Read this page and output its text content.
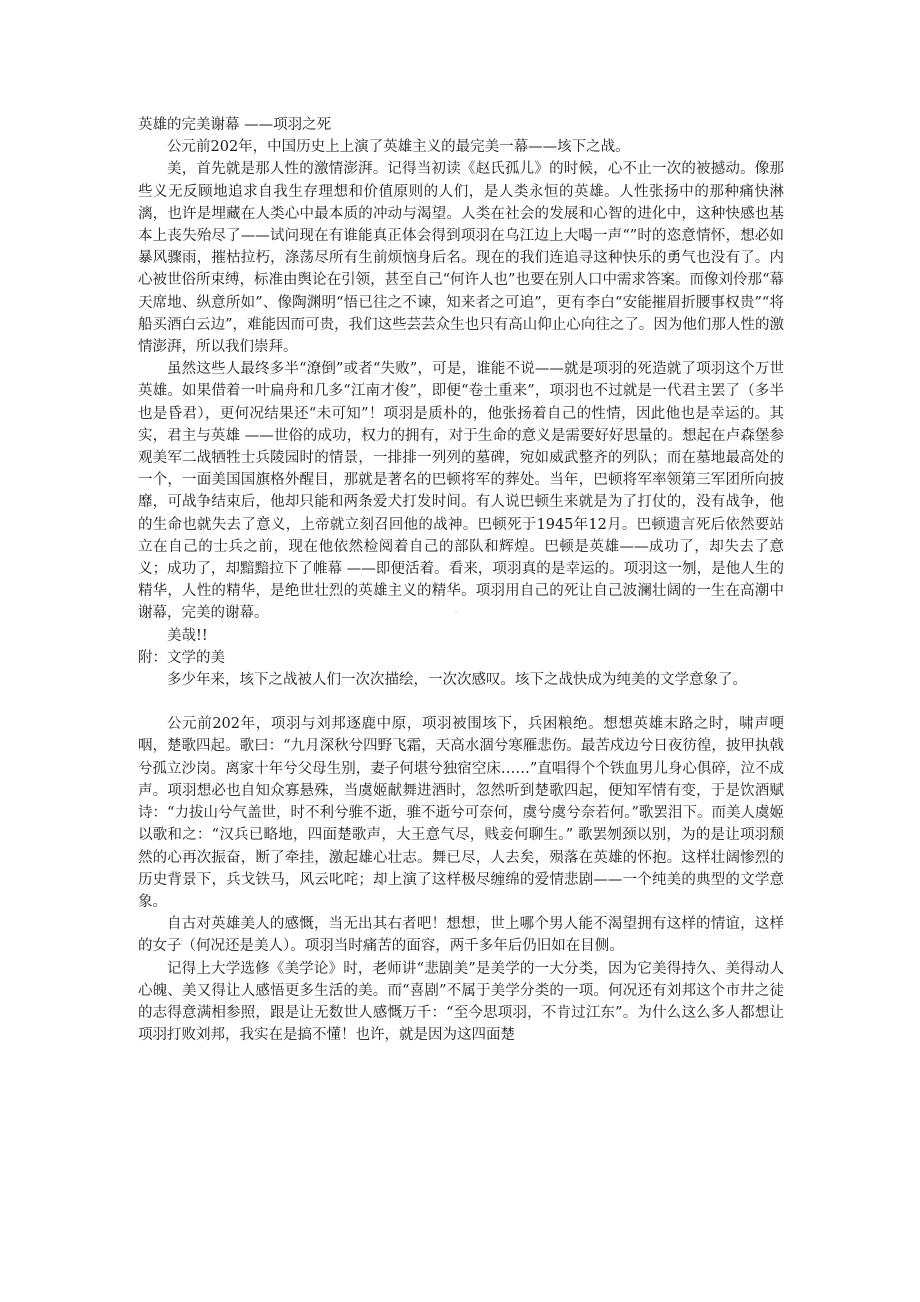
英雄的完美谢幕 ——项羽之死

公元前202年，中国历史上上演了英雄主义的最完美一幕——垓下之战。

美，首先就是那人性的激情澎湃。记得当初读《赵氏孤儿》的时候，心不止一次的被撼动。像那些义无反顾地追求自我生存理想和价值原则的人们，是人类永恒的英雄。人性张扬中的那种痛快淋漓，也许是埋藏在人类心中最本质的冲动与渴望。人类在社会的发展和心智的进化中，这种快感也基本上丧失殆尽了——试问现在有谁能真正体会得到项羽在乌江边上大喝一声“”时的恣意情怀，想必如暴风骤雨，摧枯拉朽，涤荡尽所有生前烦恼身后名。现在的我们连追寻这种快乐的勇气也没有了。内心被世俗所束缚，标准由舆论在引领，甚至自己“何许人也”也要在别人口中需求答案。而像刘伶那“幕天席地、纵意所如”、像陶渊明“悟已往之不谏，知来者之可追”，更有李白“安能摧眉折腰事权贵”“将船买酒白云边”，难能因而可贵，我们这些芸芸众生也只有高山仰止心向往之了。因为他们那人性的激情澎湃，所以我们崇拜。

虽然这些人最终多半“潦倒”或者“失败”，可是，谁能不说——就是项羽的死造就了项羽这个万世英雄。如果借着一叶扁舟和几多“江南才俊”，即便“卷土重来”，项羽也不过就是一代君主罢了（多半也是昏君），更何况结果还“未可知”！项羽是质朴的，他张扬着自己的性情，因此他也是幸运的。其实，君主与英雄 ——世俗的成功，权力的拥有，对于生命的意义是需要好好思量的。想起在卢森堡参观美军二战牺牲士兵陵园时的情景，一排排一列列的墓碑，宛如威武整齐的列队；而在墓地最高处的一个，一面美国国旗格外醒目，那就是著名的巴顿将军的葬处。当年，巴顿将军率领第三军团所向披靡，可战争结束后，他却只能和两条爱犬打发时间。有人说巴顿生来就是为了打仗的，没有战争，他的生命也就失去了意义，上帝就立刻召回他的战神。巴顿死于1945年12月。巴顿遗言死后依然要站立在自己的士兵之前，现在他依然检阅着自己的部队和辉煌。巴顿是英雄——成功了，却失去了意义；成功了，却黯黯拉下了帷幕 ——即便活着。看来，项羽真的是幸运的。项羽这一刎，是他人生的精华，人性的精华，是绝世壮烈的英雄主义的精华。项羽用自己的死让自己波澜壮阔的一生在高潮中谢幕，完美的谢幕。

美哉!!

附：文学的美

多少年来，垓下之战被人们一次次描绘，一次次感叹。垓下之战快成为纯美的文学意象了。

公元前202年，项羽与刘邦逐鹿中原，项羽被围垓下，兵困粮绝。想想英雄末路之时，啸声哽咽，楚歌四起。歌曰：“九月深秋兮四野飞霜，天高水涸兮寒雁悲伤。最苦戍边兮日夜彷徨，披甲执戟兮孤立沙岗。离家十年兮父母生别，妻子何堪兮独宿空床……”直唱得个个铁血男儿身心俱碎，泣不成声。项羽想必也自知众寡悬殊，当虞姬献舞进酒时，忽然听到楚歌四起，便知军情有变，于是饮酒赋诗：“力拔山兮气盖世，时不利兮骓不逝，骓不逝兮可奈何，虞兮虞兮奈若何。”歌罢泪下。而美人虞姬以歌和之：“汉兵已略地，四面楚歌声，大王意气尽，贱妾何聊生。” 歌罢刎颈以别，为的是让项羽颓然的心再次振奋，断了牵挂，激起雄心壮志。舞已尽，人去矣，殒落在英雄的怀抱。这样壮阔惨烈的历史背景下，兵戈铁马，风云叱咤；却上演了这样极尽缠绵的爱情悲剧——一个纯美的典型的文学意象。

自古对英雄美人的感慨，当无出其右者吧！想想，世上哪个男人能不渴望拥有这样的情谊，这样的女子（何况还是美人）。项羽当时痛苦的面容，两千多年后仍旧如在目侧。

记得上大学选修《美学论》时，老师讲“悲剧美”是美学的一大分类，因为它美得持久、美得动人心魄、美又得让人感悟更多生活的美。而“喜剧”不属于美学分类的一项。何况还有刘邦这个市井之徒的志得意满相参照，跟是让无数世人感慨万千：“至今思项羽，不肯过江东”。为什么这么多人都想让项羽打败刘邦，我实在是搞不懂！也许，就是因为这四面楚
